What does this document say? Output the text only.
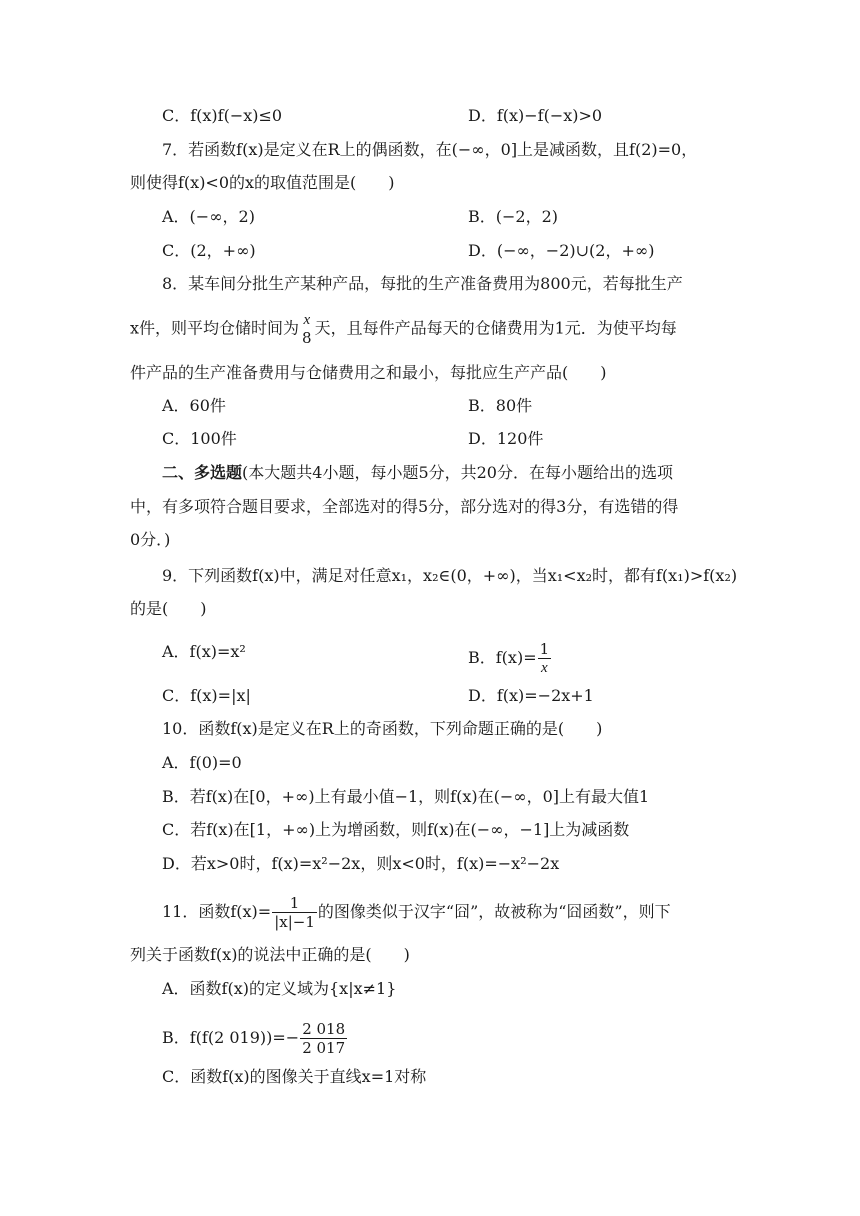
C．f(x)f(−x)≤0	D．f(x)−f(−x)>0
7．若函数f(x)是定义在R上的偶函数，在(−∞，0]上是减函数，且f(2)=0，
则使得f(x)<0的x的取值范围是(　　)
A．(−∞，2)	B．(−2，2)
C．(2，+∞)	D．(−∞，−2)∪(2，+∞)
8．某车间分批生产某种产品，每批的生产准备费用为800元，若每批生产
x件，则平均仓储时间为 x
8
天，且每件产品每天的仓储费用为1元．为使平均每
件产品的生产准备费用与仓储费用之和最小，每批应生产产品(　　)
A．60件	B．80件
C．100件	D．120件
二、多选题(本大题共4小题，每小题5分，共20分．在每小题给出的选项
中，有多项符合题目要求，全部选对的得5分，部分选对的得3分，有选错的得
0分．)
9．下列函数f(x)中，满足对任意x₁，x₂∈(0，+∞)，当x₁<x₂时，都有f(x₁)>f(x₂)
的是(　　)
A．f(x)=x²	B．$f(x)= \frac{1}{x}$
C．f(x)=|x|	D．f(x)=−2x+1
10．函数f(x)是定义在R上的奇函数，下列命题正确的是(　　)
A．f(0)=0
B．若f(x)在[0，+∞)上有最小值−1，则f(x)在(−∞，0]上有最大值1
C．若f(x)在[1，+∞)上为增函数，则f(x)在(−∞，−1]上为减函数
D．若x>0时，f(x)=x²−2x，则x<0时，f(x)=−x²−2x
11．函数$f(x)= \frac{1}{|x|-1}$ 的图像类似于汉字“囧”，故被称为“囧函数”，则下
列关于函数f(x)的说法中正确的是(　　)
A．函数f(x)的定义域为{x|x≠1}
B．f(f(2 $019))=- \frac{2 018}{2 017}$
C．函数f(x)的图像关于直线x=1对称
